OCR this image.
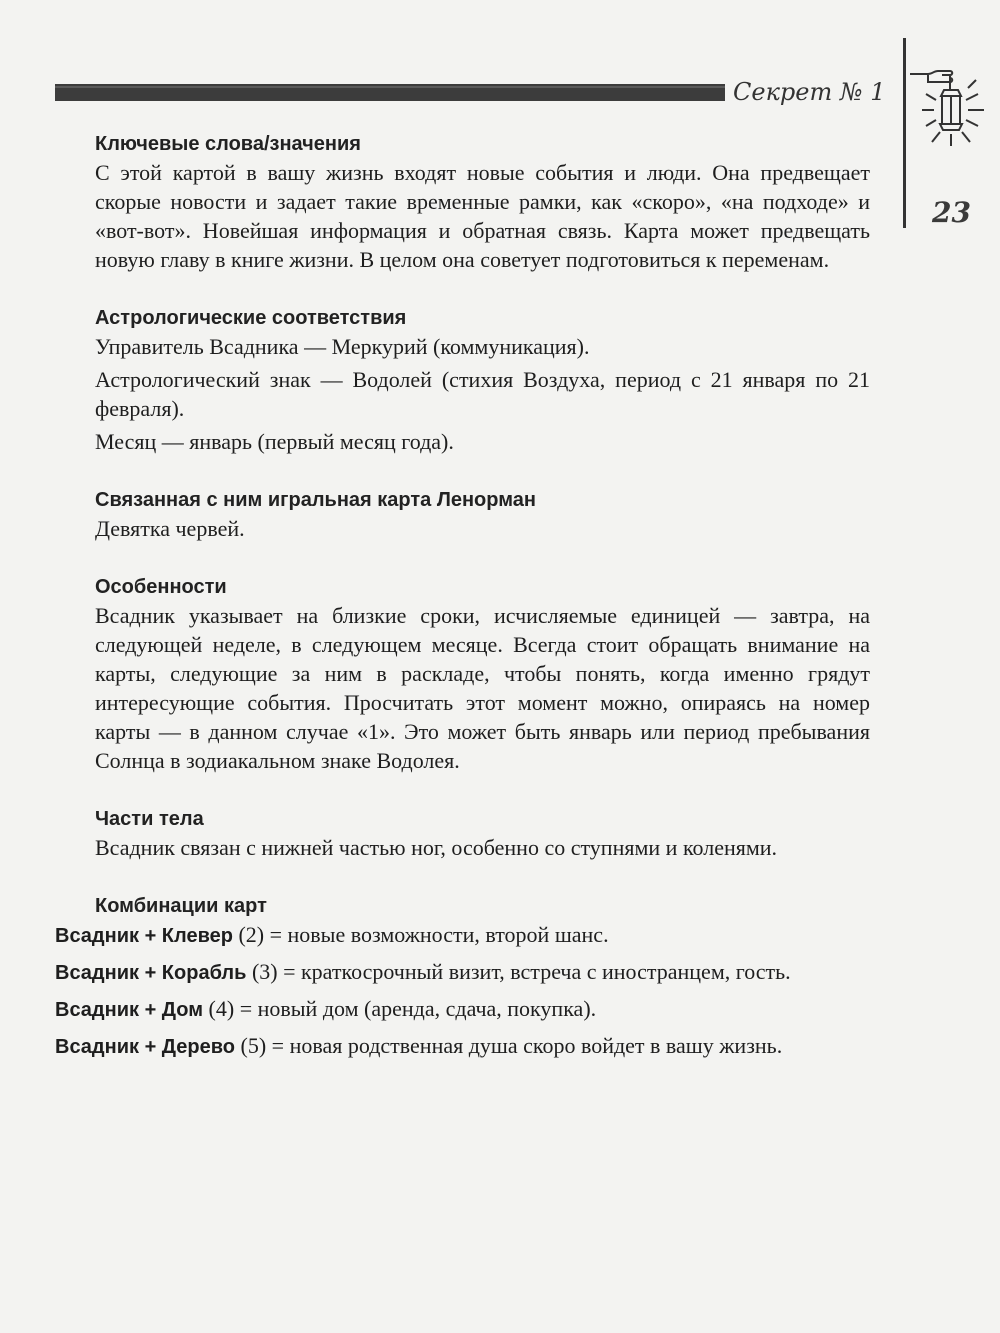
Секрет № 1
23
Ключевые слова/значения

С этой картой в вашу жизнь входят новые события и люди. Она предвещает скорые новости и задает такие временные рамки, как «скоро», «на подходе» и «вот-вот». Новейшая информация и обратная связь. Карта может предвещать новую главу в книге жизни. В целом она советует подготовиться к переменам.

Астрологические соответствия

Управитель Всадника — Меркурий (коммуникация).

Астрологический знак — Водолей (стихия Воздуха, период с 21 января по 21 февраля).

Месяц — январь (первый месяц года).

Связанная с ним игральная карта Ленорман

Девятка червей.

Особенности

Всадник указывает на близкие сроки, исчисляемые единицей — завтра, на следующей неделе, в следующем месяце. Всегда стоит обращать внимание на карты, следующие за ним в раскладе, чтобы понять, когда именно грядут интересующие события. Просчитать этот момент можно, опираясь на номер карты — в данном случае «1». Это может быть январь или период пребывания Солнца в зодиакальном знаке Водолея.

Части тела

Всадник связан с нижней частью ног, особенно со ступнями и коленями.

Комбинации карт
Всадник + Клевер (2) = новые возможности, второй шанс.
Всадник + Корабль (3) = краткосрочный визит, встреча с иностранцем, гость.
Всадник + Дом (4) = новый дом (аренда, сдача, покупка).
Всадник + Дерево (5) = новая родственная душа скоро войдет в вашу жизнь.
